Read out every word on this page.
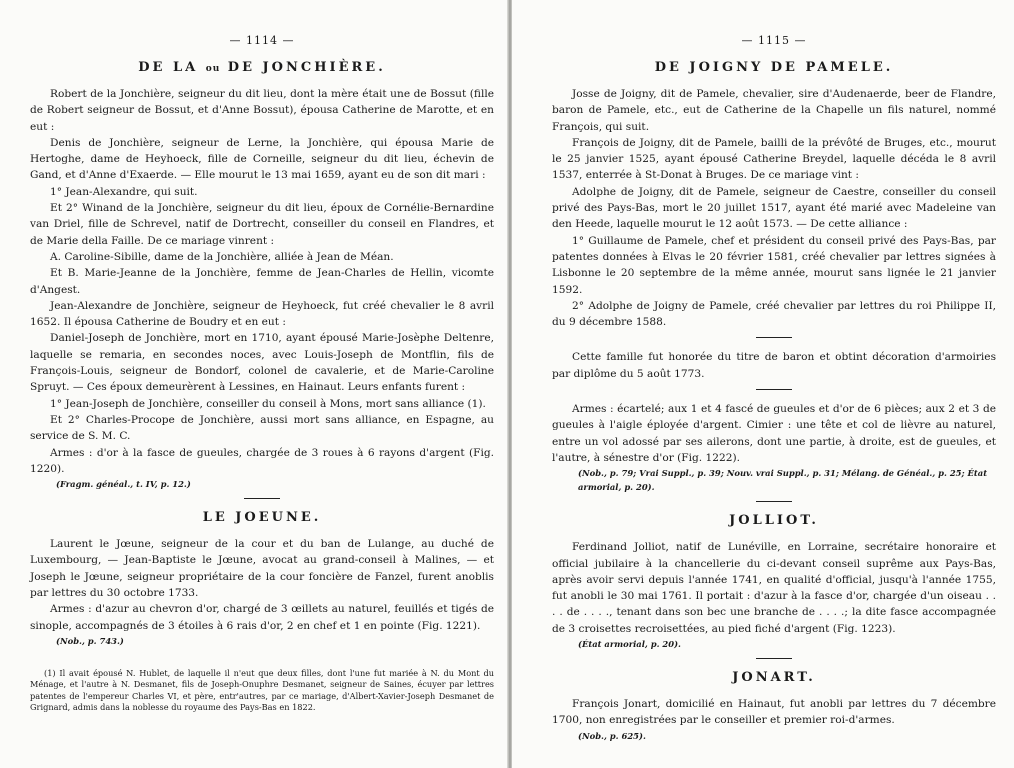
— 1114 —
DE LA ou DE JONCHIÈRE.

Robert de la Jonchière, seigneur du dit lieu, dont la mère était une de Bossut (fille de Robert seigneur de Bossut, et d'Anne Bossut), épousa Catherine de Marotte, et en eut :

Denis de Jonchière, seigneur de Lerne, la Jonchière, qui épousa Marie de Hertoghe, dame de Heyhoeck, fille de Corneille, seigneur du dit lieu, échevin de Gand, et d'Anne d'Exaerde. — Elle mourut le 13 mai 1659, ayant eu de son dit mari :

1° Jean-Alexandre, qui suit.

Et 2° Winand de la Jonchière, seigneur du dit lieu, époux de Cornélie-Bernardine van Driel, fille de Schrevel, natif de Dortrecht, conseiller du conseil en Flandres, et de Marie della Faille. De ce mariage vinrent :

A. Caroline-Sibille, dame de la Jonchière, alliée à Jean de Méan.

Et B. Marie-Jeanne de la Jonchière, femme de Jean-Charles de Hellin, vicomte d'Angest.

Jean-Alexandre de Jonchière, seigneur de Heyhoeck, fut créé chevalier le 8 avril 1652. Il épousa Catherine de Boudry et en eut :

Daniel-Joseph de Jonchière, mort en 1710, ayant épousé Marie-Josèphe Deltenre, laquelle se remaria, en secondes noces, avec Louis-Joseph de Montflin, fils de François-Louis, seigneur de Bondorf, colonel de cavalerie, et de Marie-Caroline Spruyt. — Ces époux demeurèrent à Lessines, en Hainaut. Leurs enfants furent :

1° Jean-Joseph de Jonchière, conseiller du conseil à Mons, mort sans alliance (1).

Et 2° Charles-Procope de Jonchière, aussi mort sans alliance, en Espagne, au service de S. M. C.

Armes : d'or à la fasce de gueules, chargée de 3 roues à 6 rayons d'argent (Fig. 1220).

(Fragm. généal., t. IV, p. 12.)
LE JOEUNE.

Laurent le Jœune, seigneur de la cour et du ban de Lulange, au duché de Luxembourg, — Jean-Baptiste le Jœune, avocat au grand-conseil à Malines, — et Joseph le Jœune, seigneur propriétaire de la cour foncière de Fanzel, furent anoblis par lettres du 30 octobre 1733.

Armes : d'azur au chevron d'or, chargé de 3 œillets au naturel, feuillés et tigés de sinople, accompagnés de 3 étoiles à 6 rais d'or, 2 en chef et 1 en pointe (Fig. 1221).

(Nob., p. 743.)

(1) Il avait épousé N. Hublet, de laquelle il n'eut que deux filles, dont l'une fut mariée à N. du Mont du Ménage, et l'autre à N. Desmanet, fils de Joseph-Onuphre Desmanet, seigneur de Saines, écuyer par lettres patentes de l'empereur Charles VI, et père, entr'autres, par ce mariage, d'Albert-Xavier-Joseph Desmanet de Grignard, admis dans la noblesse du royaume des Pays-Bas en 1822.

— 1115 —
DE JOIGNY DE PAMELE.

Josse de Joigny, dit de Pamele, chevalier, sire d'Audenaerde, beer de Flandre, baron de Pamele, etc., eut de Catherine de la Chapelle un fils naturel, nommé François, qui suit.

François de Joigny, dit de Pamele, bailli de la prévôté de Bruges, etc., mourut le 25 janvier 1525, ayant épousé Catherine Breydel, laquelle décéda le 8 avril 1537, enterrée à St-Donat à Bruges. De ce mariage vint :

Adolphe de Joigny, dit de Pamele, seigneur de Caestre, conseiller du conseil privé des Pays-Bas, mort le 20 juillet 1517, ayant été marié avec Madeleine van den Heede, laquelle mourut le 12 août 1573. — De cette alliance :

1° Guillaume de Pamele, chef et président du conseil privé des Pays-Bas, par patentes données à Elvas le 20 février 1581, créé chevalier par lettres signées à Lisbonne le 20 septembre de la même année, mourut sans lignée le 21 janvier 1592.

2° Adolphe de Joigny de Pamele, créé chevalier par lettres du roi Philippe II, du 9 décembre 1588.

Cette famille fut honorée du titre de baron et obtint décoration d'armoiries par diplôme du 5 août 1773.

Armes : écartelé; aux 1 et 4 fascé de gueules et d'or de 6 pièces; aux 2 et 3 de gueules à l'aigle éployée d'argent. Cimier : une tête et col de lièvre au naturel, entre un vol adossé par ses ailerons, dont une partie, à droite, est de gueules, et l'autre, à sénestre d'or (Fig. 1222).

(Nob., p. 79; Vrai Suppl., p. 39; Nouv. vrai Suppl., p. 31; Mélang. de Généal., p. 25; État armorial, p. 20).
JOLLIOT.

Ferdinand Jolliot, natif de Lunéville, en Lorraine, secrétaire honoraire et official jubilaire à la chancellerie du ci-devant conseil suprême aux Pays-Bas, après avoir servi depuis l'année 1741, en qualité d'official, jusqu'à l'année 1755, fut anobli le 30 mai 1761. Il portait : d'azur à la fasce d'or, chargée d'un oiseau . . . . de . . . ., tenant dans son bec une branche de . . . .; la dite fasce accompagnée de 3 croisettes recroisettées, au pied fiché d'argent (Fig. 1223).

(État armorial, p. 20).
JONART.

François Jonart, domicilié en Hainaut, fut anobli par lettres du 7 décembre 1700, non enregistrées par le conseiller et premier roi-d'armes.

(Nob., p. 625).
